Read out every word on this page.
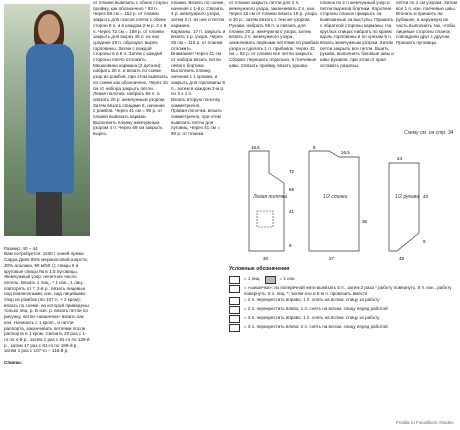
Размер: 40 – 44
Вам потребуется: 1150 г синей пряжи Сарра Дияя 85% мериносовой шерсти, 30% альпака, 90 м/50 г); спицы 6 и круговые спицы № 6 1,5 пуговицы.
Жемчужный узор: нечетное число петель. Вязать 1 лиц., * 1 изн., 1 лиц.; повторять от *; 2-й р.: вязать лицевые над изнаночными, изн. над лицевыми.
Узор из ромбов (по 107 п. + 2 кром): вязать по схеме, на которой приведены только лиц. р. В изн. р. вязать петли по рисунку, петли «шишечки» вязать как изн. Начинать с 1 крom., и петли раппорта, заканчивать петлями после раппорта и 1 кром. Связать 20 раз с 1-го по 4-й р., затем 1 раз с 81-го по 128-й р., затем 17 раз с 81-го по 188-й р., затем 1 раз с 107-го – 118-й р.

Спинка:

от планки вывязать с обеих сторон пройму, как обозначено * 93 п. Через 69 см = 152 р. от планки закрыть для скосов плеча с обеих сторон 8 п. и в каждом 2-м р. 2 х 8 п. Через 72 см = 158 р. от планки закрыть для вырез 45 п. из них средние 29 п. образуют вырез горловины. Затем с каждой стороны 6 и 6 п. Затем с каждой стороны плечо отложить.
Мешковина кармана (2 детали): набрать 20 п. и вязать по схеме узор из ромбов, при этом вывязать по схеме как обозначено. Через 15 см от набора закрыть петли.
Левая полочка: набрать 66 п. и связать 20 р. жемчужным узором. Затем вязать спицами 6, начиная с ромбов. Через 41 см = 90 р. от планки вывязать карман. Выполнить планку жемчужным узором 4 п. Через 69 см закрыть вырез.
планки. Вязать по схеме, начиная с 1-й р. Связать 4 р. жемчужного узора, затем 2 п. из них и петли кармана.
Карманы: 17 п. закрыть и вязать 1 р. узора. Через 25 см = 118 р. от планки отложить.
Внимание! Через 41 см от набора вязать петли левого бортика. Выполнить планку, начиная с 1 кромки, и закрыть для горловины 8 п., затем в каждом 2-м р. по 3 х 1 п.
Вязать вторую полочку симметрично.
Правая полочка: вязать симметрично, при этом вывязать петли для пуговиц. Через 41 см = 90 р. от планки.
от планки закрыть петли для 2 п. жемчужного узора, заканчивать 2 п. изн. Через 18 см от планки вязать 18 р. узора и 20 р., затем вязать с тем же узором.
Рукава: набрать 56 п. и связать для планки 20 р. жемчужного узора, затем вязать 2 п. жемчужного узора, заканчивать первыми петлями по ромбам узора и сделать 1 п. прибавок. Через 43 см = 92 р. от планки все петли закрыть.
Сборка: перешить отдельно, в плечевые швы. Связать пройму, вязать рукава.
планок по 2 п жемчужный узор и петли вырезов бортики. Короткие стороны планок прикрыть за вывязанные за выступы. Пришить с обратной стороны карманы. На круглых спицах набрать по краям вдоль горловины и по срезам 5 п. вязать жемчужным узором. Затем петли закрыть все петли. Вшить рукава, выполнить боковые швы и швы рукавов, при этом от края оставить разрезы.
петли по 1 см узором. Затем все 1 п. изн. плечевые швы. Втачать и пришить на рубашке, а наружную их часть выполнить так, чтобы лицевые стороны планок совпадали друг с другом. Пришить пуговицы.
Схему см. на стр. 34
Левая полочка	1/2 спинки	1/2 рукава
16,5	8
16,5
72
69
41
36
9
30	27	48
43
9
24
Условные обозначения
= 1 лиц.	= 1 изн.
= «шишечка»: из поперечной нити вывязать 5 п., затем 2 раза * работу повернуть, 5 п. изн., работу повернуть, 5 п. лиц. *; затем 4-ю и 5-ю п. провязать вместе
= 2 п. перекрестить вправо, 1 п. снять на вспом. спицу за работу
= 2 п. перекрестить влево, 1 п. снять на вспом. спицу перед работой
= 3 п. перекрестить вправо: 1 п. снять на вспом. спицу за работу
= 3 п. перекрестить влево: 2 п. снять на вспом. спицу перед работой
Postila.ru Fotoalbom.Yandex
